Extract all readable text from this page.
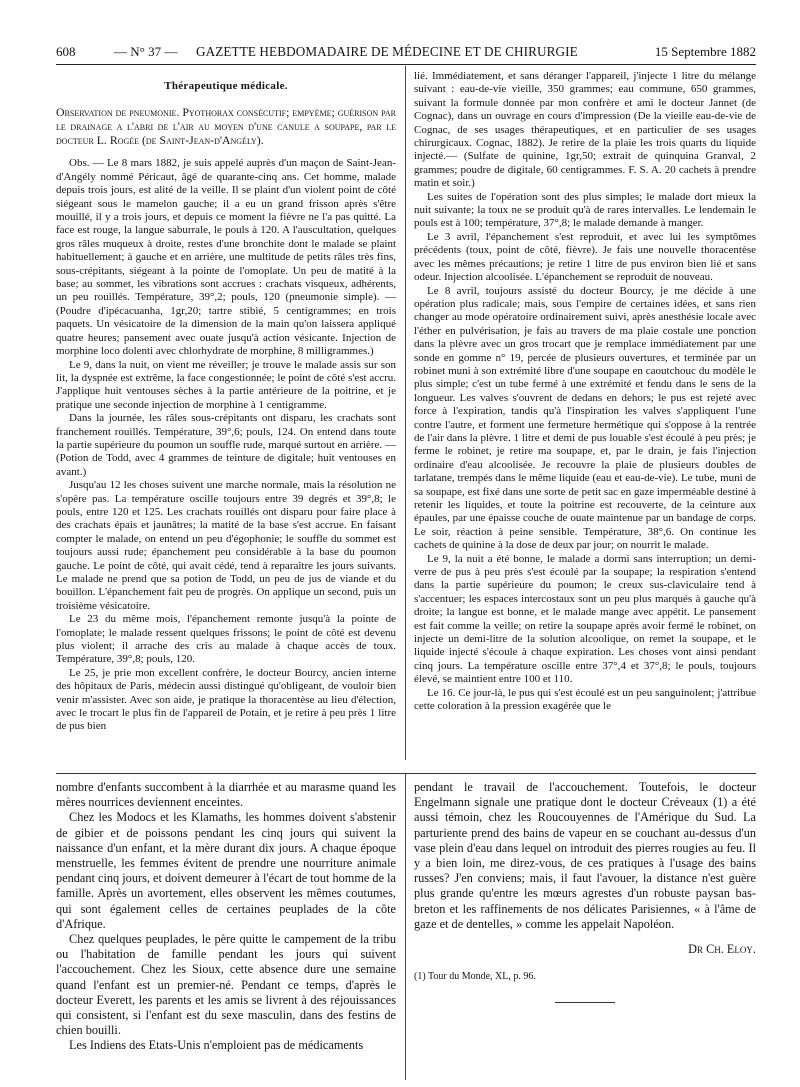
608	— N° 37 — GAZETTE HEBDOMADAIRE DE MÉDECINE ET DE CHIRURGIE	15 Septembre 1882
Thérapeutique médicale.

Observation de pneumonie. Pyothorax consécutif; empyème; guérison par le drainage a l'abri de l'air au moyen d'une canule a soupape, par le docteur L. Rogée (de Saint-Jean-d'Angély).

Obs. — Le 8 mars 1882, je suis appelé auprès d'un maçon de Saint-Jean-d'Angély nommé Péricaut, âgé de quarante-cinq ans. Cet homme, malade depuis trois jours, est alité de la veille. Il se plaint d'un violent point de côté siégeant sous le mamelon gauche; il a eu un grand frisson après s'être mouillé, il y a trois jours, et depuis ce moment la fièvre ne l'a pas quitté. La face est rouge, la langue saburrale, le pouls à 120. A l'auscultation, quelques gros râles muqueux à droite, restes d'une bronchite dont le malade se plaint habituellement; à gauche et en arrière, une multitude de petits râles très fins, sous-crépitants, siégeant à la pointe de l'omoplate. Un peu de matité à la base; au sommet, les vibrations sont accrues : crachats visqueux, adhérents, un peu rouillés. Température, 39°,2; pouls, 120 (pneumonie simple). — (Poudre d'ipécacuanha, 1gr,20; tartre stibié, 5 centigrammes; en trois paquets. Un vésicatoire de la dimension de la main qu'on laissera appliqué quatre heures; pansement avec ouate jusqu'à action vésicante. Injection de morphine loco dolenti avec chlorhydrate de morphine, 8 milligrammes.)

Le 9, dans la nuit, on vient me réveiller; je trouve le malade assis sur son lit, la dyspnée est extrême, la face congestionnée; le point de côté s'est accru. J'applique huit ventouses sèches à la partie antérieure de la poitrine, et je pratique une seconde injection de morphine à 1 centigramme.

Dans la journée, les râles sous-crépitants ont disparu, les crachats sont franchement rouillés. Température, 39°,6; pouls, 124. On entend dans toute la partie supérieure du poumon un souffle rude, marqué surtout en arrière. — (Potion de Todd, avec 4 grammes de teinture de digitale; huit ventouses en avant.)

Jusqu'au 12 les choses suivent une marche normale, mais la résolution ne s'opère pas. La température oscille toujours entre 39 degrés et 39°,8; le pouls, entre 120 et 125. Les crachats rouillés ont disparu pour faire place à des crachats épais et jaunâtres; la matité de la base s'est accrue. En faisant compter le malade, on entend un peu d'égophonie; le souffle du sommet est toujours aussi rude; épanchement peu considérable à la base du poumon gauche. Le point de côté, qui avait cédé, tend à reparaître les jours suivants. Le malade ne prend que sa potion de Todd, un peu de jus de viande et du bouillon. L'épanchement fait peu de progrès. On applique un second, puis un troisième vésicatoire.

Le 23 du même mois, l'épanchement remonte jusqu'à la pointe de l'omoplate; le malade ressent quelques frissons; le point de côté est devenu plus violent; il arrache des cris au malade à chaque accès de toux. Température, 39°,8; pouls, 120.

Le 25, je prie mon excellent confrère, le docteur Bourcy, ancien interne des hôpitaux de Paris, médecin aussi distingué qu'obligeant, de vouloir bien venir m'assister. Avec son aide, je pratique la thoracentèse au lieu d'élection, avec le trocart le plus fin de l'appareil de Potain, et je retire à peu près 1 litre de pus bien

lié. Immédiatement, et sans déranger l'appareil, j'injecte 1 litre du mélange suivant : eau-de-vie vieille, 350 grammes; eau commune, 650 grammes, suivant la formule donnée par mon confrère et ami le docteur Jannet (de Cognac), dans un ouvrage en cours d'impression (De la vieille eau-de-vie de Cognac, de ses usages thérapeutiques, et en particulier de ses usages chirurgicaux. Cognac, 1882). Je retire de la plaie les trois quarts du liquide injecté.— (Sulfate de quinine, 1gr,50; extrait de quinquina Granval, 2 grammes; poudre de digitale, 60 centigrammes. F. S. A. 20 cachets à prendre matin et soir.)

Les suites de l'opération sont des plus simples; le malade dort mieux la nuit suivante; la toux ne se produit qu'à de rares intervalles. Le lendemain le pouls est à 100; température, 37°,8; le malade demande à manger.

Le 3 avril, l'épanchement s'est reproduit, et avec lui les symptômes précédents (toux, point de côté, fièvre). Je fais une nouvelle thoracentèse avec les mêmes précautions; je retire 1 litre de pus environ bien lié et sans odeur. Injection alcoolisée. L'épanchement se reproduit de nouveau.

Le 8 avril, toujours assisté du docteur Bourcy, je me décide à une opération plus radicale; mais, sous l'empire de certaines idées, et sans rien changer au mode opératoire ordinairement suivi, après anesthésie locale avec l'éther en pulvérisation, je fais au travers de ma plaie costale une ponction dans la plèvre avec un gros trocart que je remplace immédiatement par une sonde en gomme n° 19, percée de plusieurs ouvertures, et terminée par un robinet muni à son extrémité libre d'une soupape en caoutchouc du modèle le plus simple; c'est un tube fermé à une extrémité et fendu dans le sens de la longueur. Les valves s'ouvrent de dedans en dehors; le pus est rejeté avec force à l'expiration, tandis qu'à l'inspiration les valves s'appliquent l'une contre l'autre, et forment une fermeture hermétique qui s'oppose à la rentrée de l'air dans la plèvre. 1 litre et demi de pus louable s'est écoulé à peu près; je ferme le robinet, je retire ma soupape, et, par le drain, je fais l'injection ordinaire d'eau alcoolisée. Je recouvre la plaie de plusieurs doubles de tarlatane, trempés dans le même liquide (eau et eau-de-vie). Le tube, muni de sa soupape, est fixé dans une sorte de petit sac en gaze imperméable destiné à retenir les liquides, et toute la poitrine est recouverte, de la ceinture aux épaules, par une épaisse couche de ouate maintenue par un bandage de corps. Le soir, réaction à peine sensible. Température, 38°,6. On continue les cachets de quinine à la dose de deux par jour; on nourrit le malade.

Le 9, la nuit a été bonne, le malade a dormi sans interruption; un demi-verre de pus à peu près s'est écoulé par la soupape; la respiration s'entend dans la partie supérieure du poumon; le creux sus-claviculaire tend à s'accentuer; les espaces intercostaux sont un peu plus marqués à gauche qu'à droite; la langue est bonne, et le malade mange avec appétit. Le pansement est fait comme la veille; on retire la soupape après avoir fermé le robinet, on injecte un demi-litre de la solution alcoolique, on remet la soupape, et le liquide injecté s'écoule à chaque expiration. Les choses vont ainsi pendant cinq jours. La température oscille entre 37°,4 et 37°,8; le pouls, toujours élevé, se maintient entre 100 et 110.

Le 16. Ce jour-là, le pus qui s'est écoulé est un peu sanguinolent; j'attribue cette coloration à la pression exagérée que le

nombre d'enfants succombent à la diarrhée et au marasme quand les mères nourrices deviennent enceintes.

Chez les Modocs et les Klamaths, les hommes doivent s'abstenir de gibier et de poissons pendant les cinq jours qui suivent la naissance d'un enfant, et la mère durant dix jours. A chaque époque menstruelle, les femmes évitent de prendre une nourriture animale pendant cinq jours, et doivent demeurer à l'écart de tout homme de la famille. Après un avortement, elles observent les mêmes coutumes, qui sont également celles de certaines peuplades de la côte d'Afrique.

Chez quelques peuplades, le père quitte le campement de la tribu ou l'habitation de famille pendant les jours qui suivent l'accouchement. Chez les Sioux, cette absence dure une semaine quand l'enfant est un premier-né. Pendant ce temps, d'après le docteur Everett, les parents et les amis se livrent à des réjouissances qui consistent, si l'enfant est du sexe masculin, dans des festins de chien bouilli.

Les Indiens des Etats-Unis n'emploient pas de médicaments

pendant le travail de l'accouchement. Toutefois, le docteur Engelmann signale une pratique dont le docteur Créveaux (1) a été aussi témoin, chez les Roucouyennes de l'Amérique du Sud. La parturiente prend des bains de vapeur en se couchant au-dessus d'un vase plein d'eau dans lequel on introduit des pierres rougies au feu. Il y a bien loin, me direz-vous, de ces pratiques à l'usage des bains russes? J'en conviens; mais, il faut l'avouer, la distance n'est guère plus grande qu'entre les mœurs agrestes d'un robuste paysan bas-breton et les raffinements de nos délicates Parisiennes, « à l'âme de gaze et de dentelles, » comme les appelait Napoléon.

Dr Ch. Eloy.

(1) Tour du Monde, XL, p. 96.
